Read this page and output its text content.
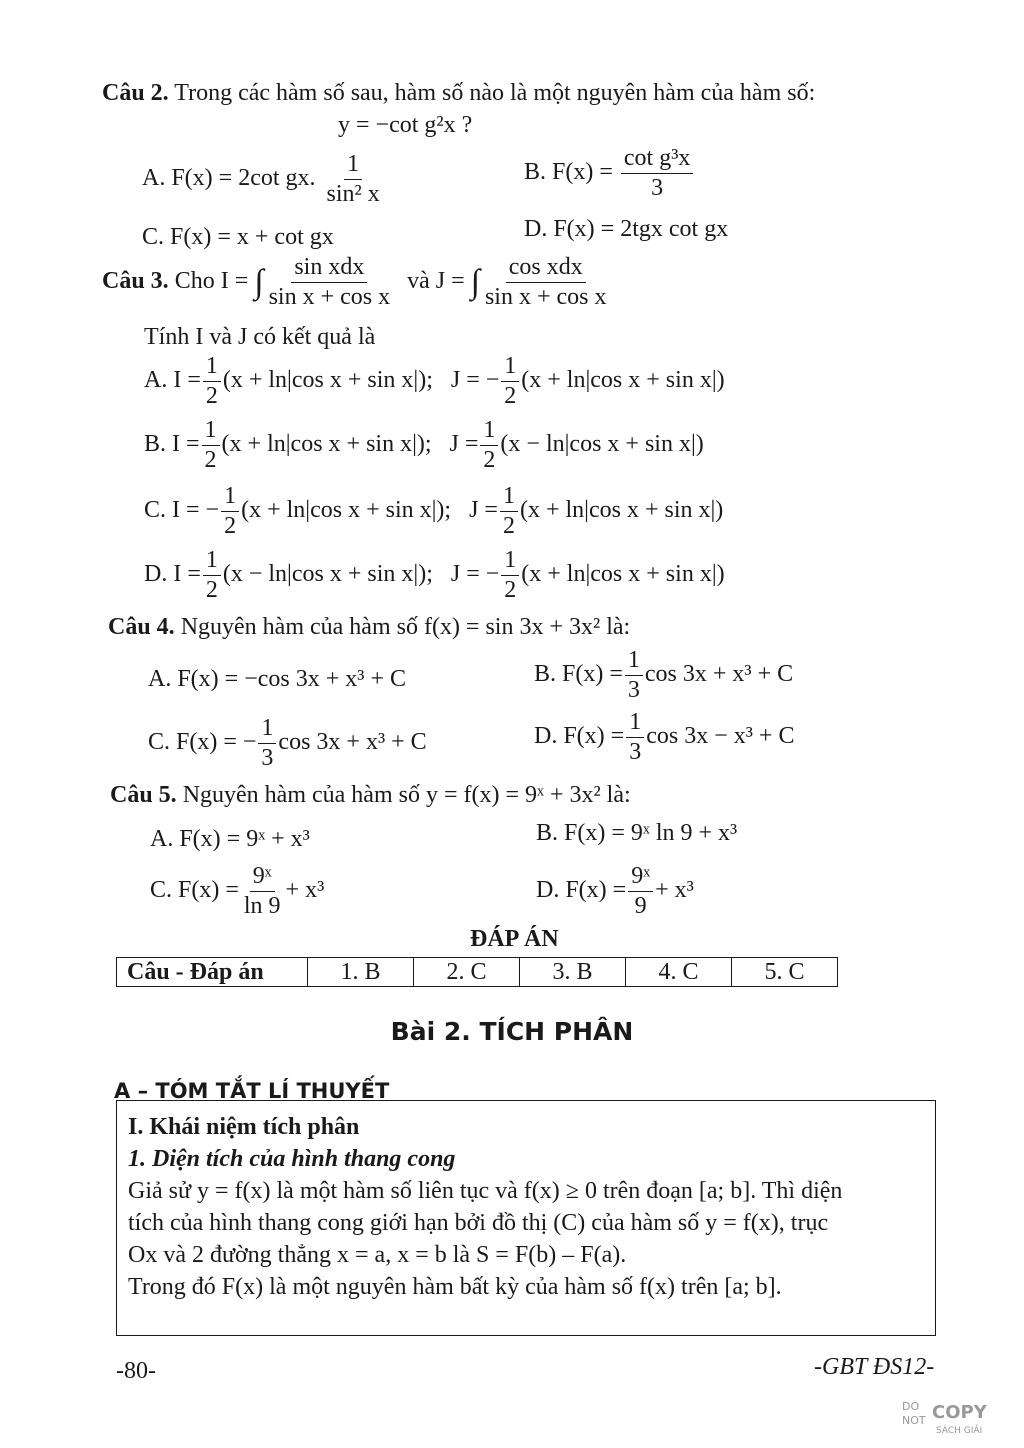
Câu 2. Trong các hàm số sau, hàm số nào là một nguyên hàm của hàm số:
y = −cot g²x ?
A. F(x) = 2cot gx. $\frac{1}{\text{sin² x}}$	B. $F(x) = \frac{\text{cot g³x}}{3}$
C. F(x) = x + cot gx	D. F(x) = 2tgx cot gx
Câu 3. Cho I = ∫ $\frac{\text{sin xdx}}{\text{sin x + cos x}}$ và J = ∫ $\frac{\text{cos xdx}}{\text{sin x + cos x}}$
Tính I và J có kết quả là
A. $I = \frac{1}{2} (x + \ln|\cos$ x + sin x|); J = − $\frac{1}{2} (x + \ln|\cos$ x + sin x|)
B. $I = \frac{1}{2} (x + \ln|\cos$ x + sin x|); $J = \frac{1}{2} (x - \ln|\cos$ x + sin x|)
C. I = − $\frac{1}{2} (x + \ln|\cos$ x + sin x|); $J = \frac{1}{2} (x + \ln|\cos$ x + sin x|)
D. $I = \frac{1}{2} (x - \ln|\cos$ x + sin x|); J = − $\frac{1}{2} (x + \ln|\cos$ x + sin x|)
Câu 4. Nguyên hàm của hàm số f(x) = sin 3x + 3x² là:
A. F(x) = −cos 3x + x³ + C	B. $F(x) = \frac{1}{3}$ cos 3x + x³ + C
C. F(x) = − $\frac{1}{3}$ cos 3x + x³ + C	D. $F(x) = \frac{1}{3}$ cos 3x − x³ + C
Câu 5. Nguyên hàm của hàm số y = f(x) = 9ˣ + 3x² là:
A. F(x) = 9ˣ + x³	B. F(x) = 9ˣ ln 9 + x³
C. $F(x) = \frac{\text{9ˣ}}{\ln 9} + x^3$	D. $F(x) = \frac{\text{9ˣ}}{9} + x^3$
ĐÁP ÁN
Câu - Đáp án	1. B	2. C	3. B	4. C	5. C
Bài 2. TÍCH PHÂN
A – TÓM TẮT LÍ THUYẾT
I. Khái niệm tích phân
1. Diện tích của hình thang cong
Giả sử y = f(x) là một hàm số liên tục và f(x) ≥ 0 trên đoạn [a; b]. Thì diện
tích của hình thang cong giới hạn bởi đồ thị (C) của hàm số y = f(x), trục
Ox và 2 đường thẳng x = a, x = b là S = F(b) – F(a).
Trong đó F(x) là một nguyên hàm bất kỳ của hàm số f(x) trên [a; b].
-80-	-GBT ĐS12-
DO
NOT COPY
SÁCH GIẢI
